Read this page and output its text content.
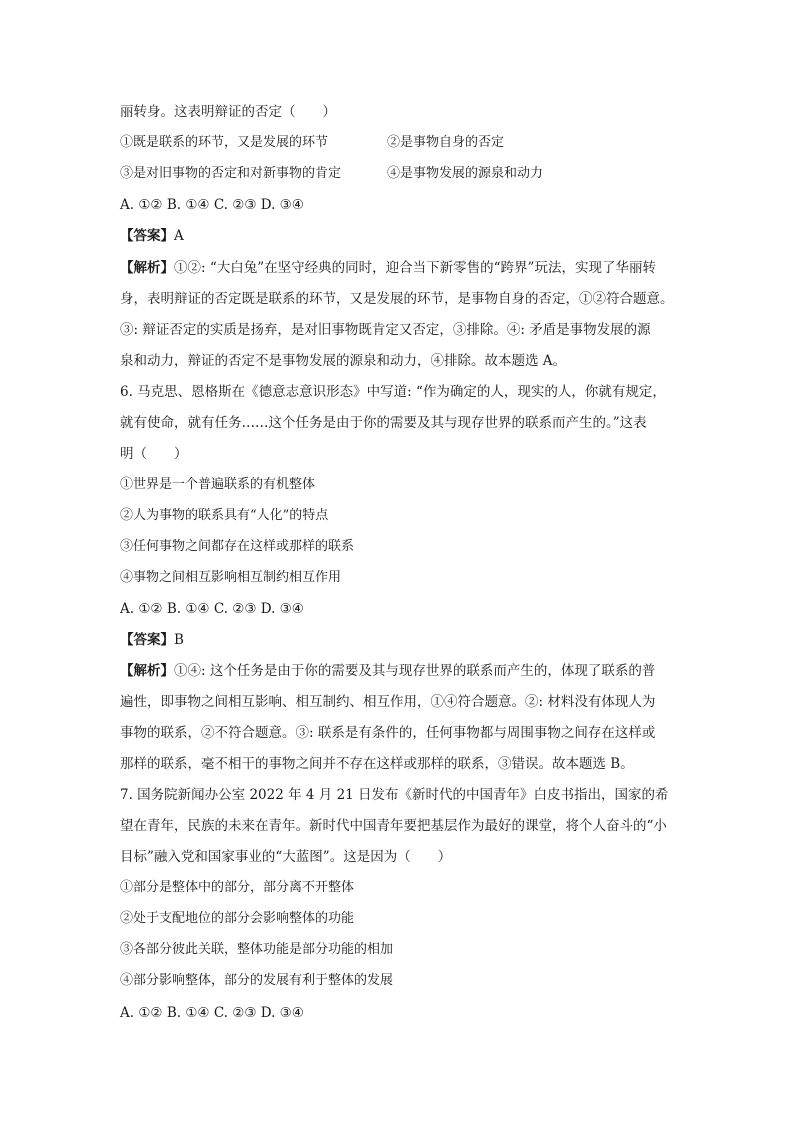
丽转身。这表明辩证的否定（　　）
①既是联系的环节，又是发展的环节	②是事物自身的否定
③是对旧事物的否定和对新事物的肯定	④是事物发展的源泉和动力
A. ①② B. ①④ C. ②③ D. ③④
【答案】A
【解析】①②: “大白兔”在坚守经典的同时，迎合当下新零售的“跨界”玩法，实现了华丽转
身，表明辩证的否定既是联系的环节，又是发展的环节，是事物自身的否定，①②符合题意。
③: 辩证否定的实质是扬弃，是对旧事物既肯定又否定，③排除。④: 矛盾是事物发展的源
泉和动力，辩证的否定不是事物发展的源泉和动力，④排除。故本题选 A。
6. 马克思、恩格斯在《德意志意识形态》中写道: “作为确定的人，现实的人，你就有规定，
就有使命，就有任务……这个任务是由于你的需要及其与现存世界的联系而产生的。”这表
明（　　）
①世界是一个普遍联系的有机整体
②人为事物的联系具有“人化”的特点
③任何事物之间都存在这样或那样的联系
④事物之间相互影响相互制约相互作用
A. ①② B. ①④ C. ②③ D. ③④
【答案】B
【解析】①④: 这个任务是由于你的需要及其与现存世界的联系而产生的，体现了联系的普
遍性，即事物之间相互影响、相互制约、相互作用，①④符合题意。②: 材料没有体现人为
事物的联系，②不符合题意。③: 联系是有条件的，任何事物都与周围事物之间存在这样或
那样的联系，毫不相干的事物之间并不存在这样或那样的联系，③错误。故本题选 B。
7. 国务院新闻办公室 2022 年 4 月 21 日发布《新时代的中国青年》白皮书指出，国家的希
望在青年，民族的未来在青年。新时代中国青年要把基层作为最好的课堂，将个人奋斗的“小
目标”融入党和国家事业的“大蓝图”。这是因为（　　）
①部分是整体中的部分，部分离不开整体
②处于支配地位的部分会影响整体的功能
③各部分彼此关联，整体功能是部分功能的相加
④部分影响整体，部分的发展有利于整体的发展
A. ①② B. ①④ C. ②③ D. ③④
